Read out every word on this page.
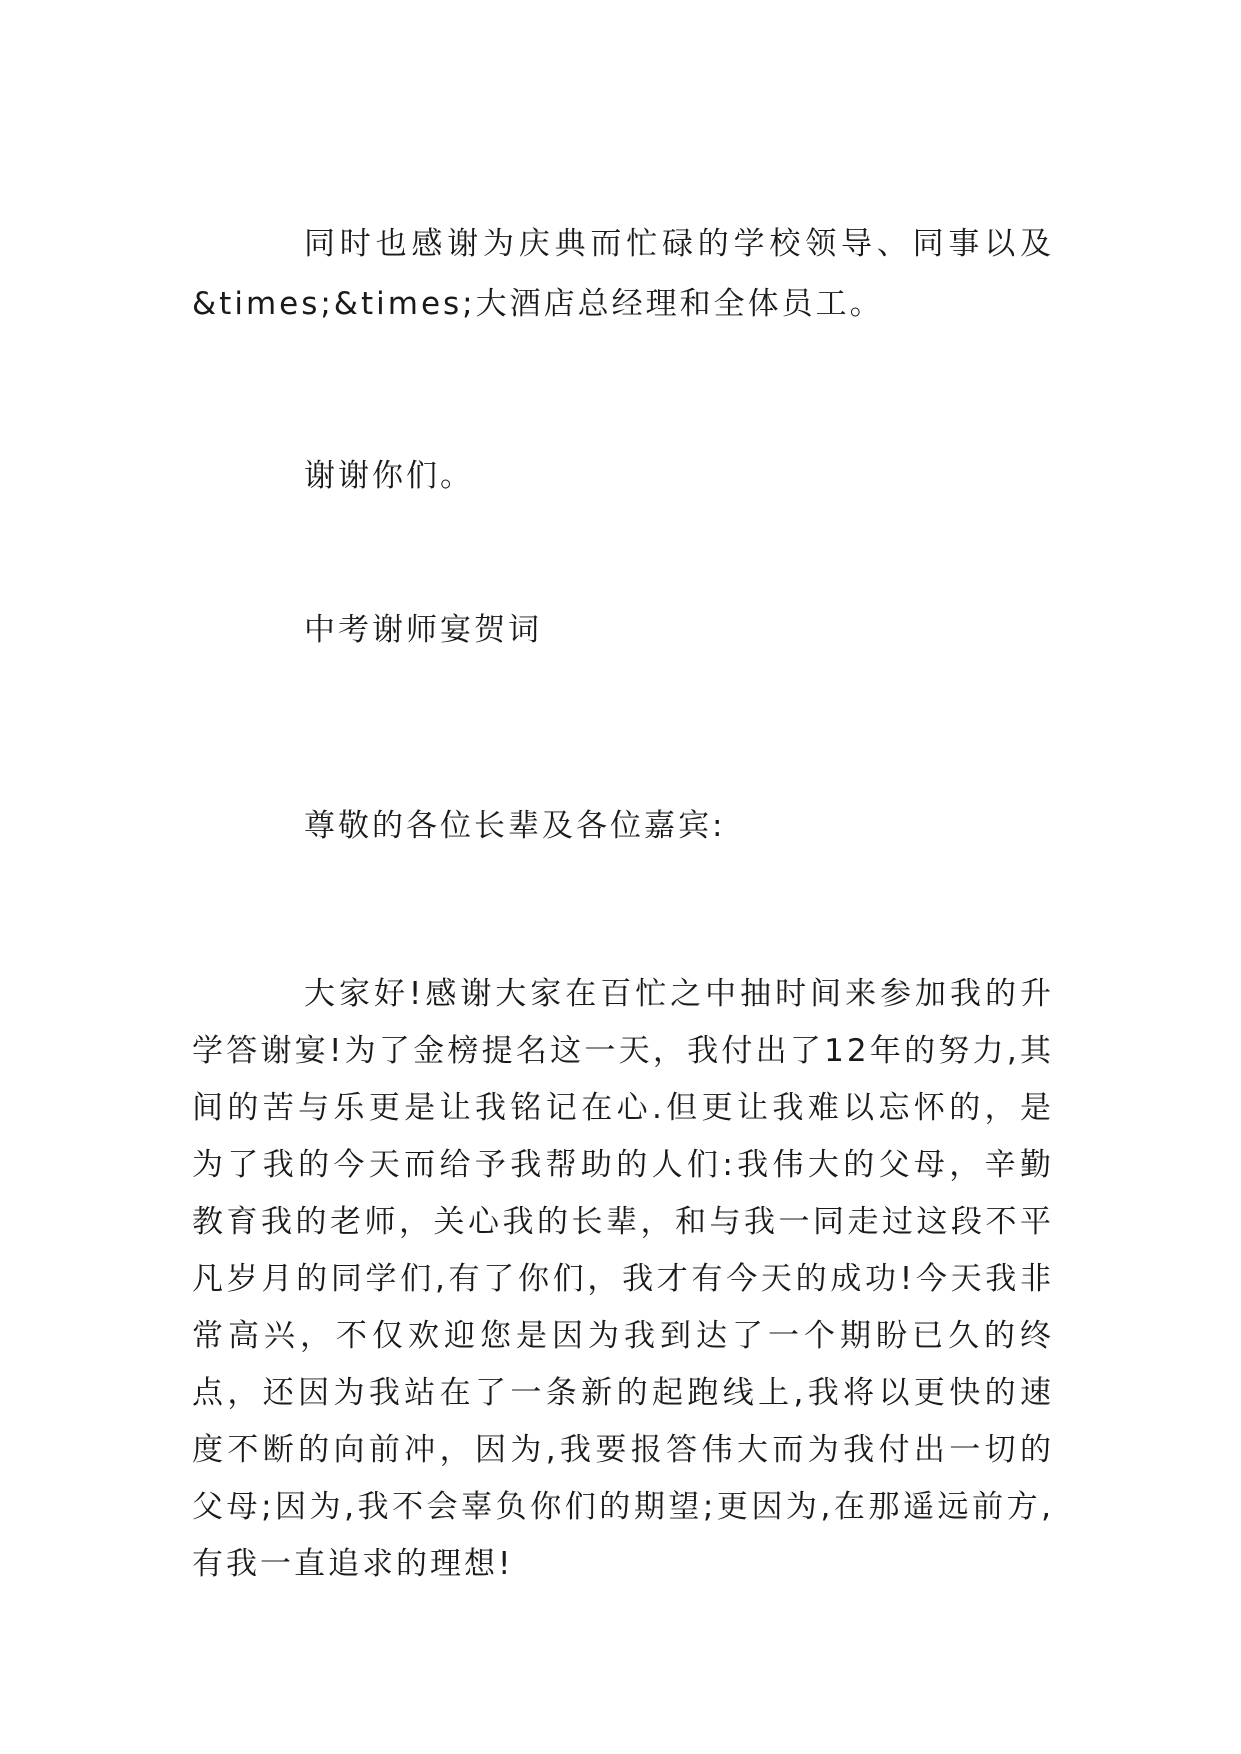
同时也感谢为庆典而忙碌的学校领导、同事以及&times;&times;大酒店总经理和全体员工。

谢谢你们。

中考谢师宴贺词

尊敬的各位长辈及各位嘉宾:

大家好!感谢大家在百忙之中抽时间来参加我的升学答谢宴!为了金榜提名这一天，我付出了12年的努力,其间的苦与乐更是让我铭记在心.但更让我难以忘怀的，是为了我的今天而给予我帮助的人们:我伟大的父母，辛勤教育我的老师，关心我的长辈，和与我一同走过这段不平凡岁月的同学们,有了你们，我才有今天的成功!今天我非常高兴，不仅欢迎您是因为我到达了一个期盼已久的终点，还因为我站在了一条新的起跑线上,我将以更快的速度不断的向前冲，因为,我要报答伟大而为我付出一切的父母;因为,我不会辜负你们的期望;更因为,在那遥远前方,有我一直追求的理想!
